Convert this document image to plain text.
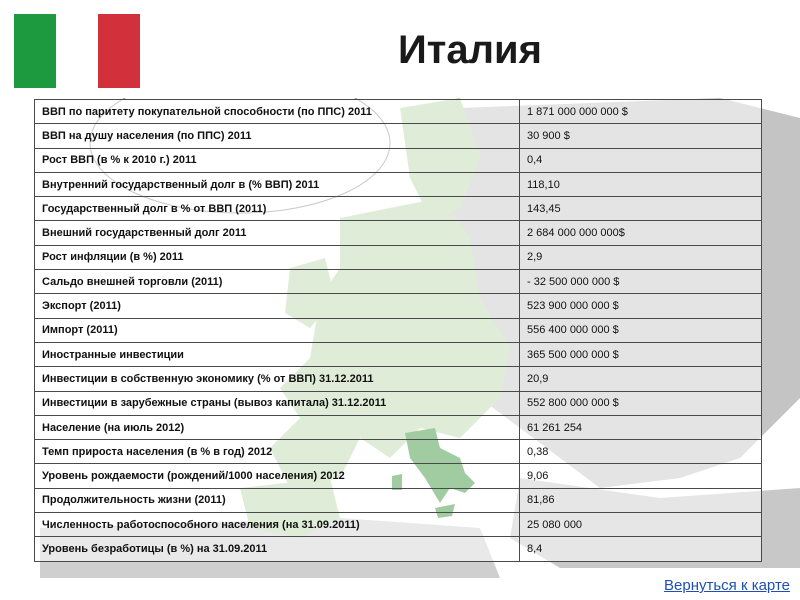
Италия
ВВП по паритету покупательной способности (по ППС) 2011	1 871 000 000 000 $
ВВП на душу населения (по ППС) 2011	30 900 $
Рост ВВП (в % к 2010 г.) 2011	0,4
Внутренний государственный долг в (% ВВП) 2011	118,10
Государственный долг в % от ВВП (2011)	143,45
Внешний государственный долг 2011	2 684 000 000 000$
Рост инфляции (в %) 2011	2,9
Сальдо внешней торговли (2011)	- 32 500 000 000 $
Экспорт (2011)	523 900 000 000 $
Импорт (2011)	556 400 000 000 $
Иностранные инвестиции	365 500 000 000 $
Инвестиции в собственную экономику (% от ВВП) 31.12.2011	20,9
Инвестиции в зарубежные страны (вывоз капитала) 31.12.2011	552 800 000 000 $
Население (на июль 2012)	61 261 254
Темп прироста населения (в % в год) 2012	0,38
Уровень рождаемости (рождений/1000 населения) 2012	9,06
Продолжительность жизни (2011)	81,86
Численность работоспособного населения (на 31.09.2011)	25 080 000
Уровень безработицы (в %) на 31.09.2011	8,4
Вернуться к карте
